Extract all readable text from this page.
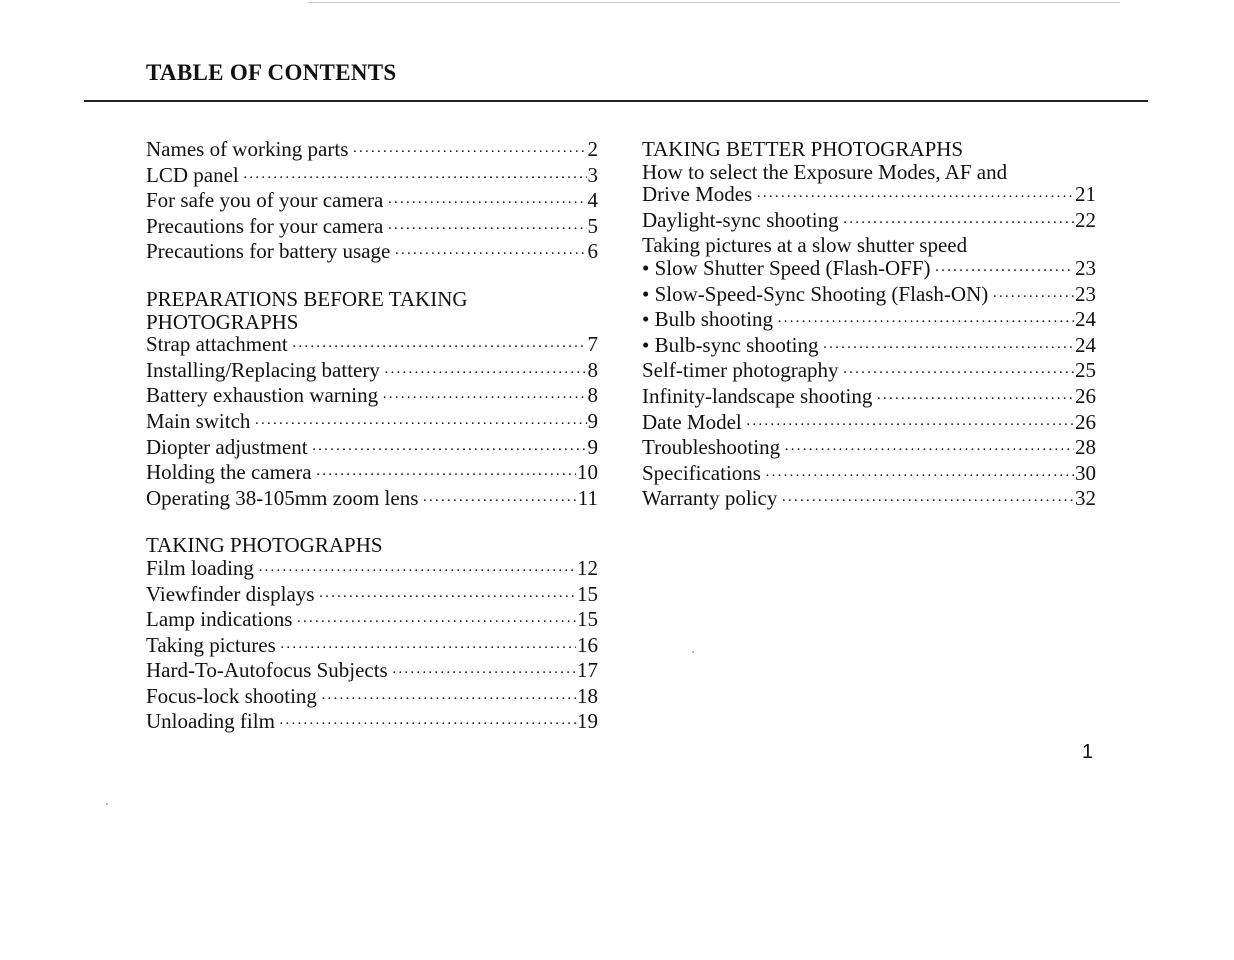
TABLE OF CONTENTS
Names of working parts ·····	2
LCD panel ·····	3
For safe you of your camera ·····	4
Precautions for your camera ·····	5
Precautions for battery usage ·····	6
PREPARATIONS BEFORE TAKING
PHOTOGRAPHS
Strap attachment ·····	7
Installing/Replacing battery ·····	8
Battery exhaustion warning ·····	8
Main switch ·····	9
Diopter adjustment ·····	9
Holding the camera ·····	10
Operating 38-105mm zoom lens ·····	11
TAKING PHOTOGRAPHS
Film loading ·····	12
Viewfinder displays ·····	15
Lamp indications ·····	15
Taking pictures ·····	16
Hard-To-Autofocus Subjects ·····	17
Focus-lock shooting ·····	18
Unloading film ·····	19
TAKING BETTER PHOTOGRAPHS
How to select the Exposure Modes, AF and
Drive Modes ·····	21
Daylight-sync shooting ·····	22
Taking pictures at a slow shutter speed
• Slow Shutter Speed (Flash-OFF) ·····	23
• Slow-Speed-Sync Shooting (Flash-ON) ·····	23
• Bulb shooting ·····	24
• Bulb-sync shooting ·····	24
Self-timer photography ·····	25
Infinity-landscape shooting ·····	26
Date Model ·····	26
Troubleshooting ·····	28
Specifications ·····	30
Warranty policy ·····	32
1
